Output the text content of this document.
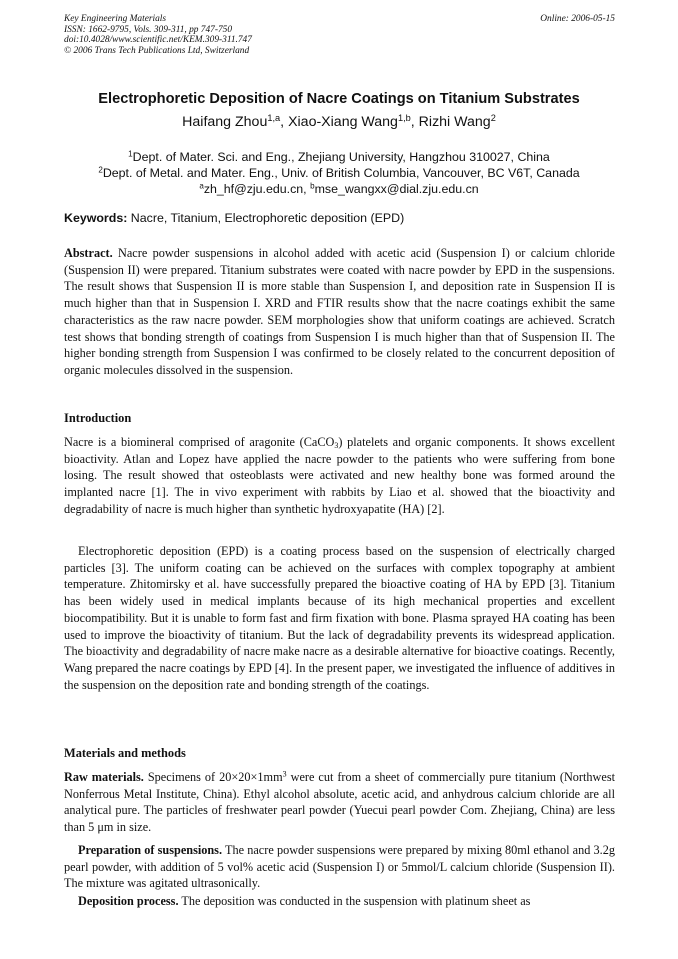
Key Engineering Materials
ISSN: 1662-9795, Vols. 309-311, pp 747-750
doi:10.4028/www.scientific.net/KEM.309-311.747
© 2006 Trans Tech Publications Ltd, Switzerland
Online: 2006-05-15
Electrophoretic Deposition of Nacre Coatings on Titanium Substrates
Haifang Zhou$^{1,a}$, Xiao-Xiang Wang$^{1,b}$, Rizhi Wang$^2$
$^1$Dept. of Mater. Sci. and Eng., Zhejiang University, Hangzhou 310027, China
$^2$Dept. of Metal. and Mater. Eng., Univ. of British Columbia, Vancouver, BC V6T, Canada
$^a$zh_hf@zju.edu.cn, $^b$mse_wangxx@dial.zju.edu.cn
Keywords: Nacre, Titanium, Electrophoretic deposition (EPD)
Abstract. Nacre powder suspensions in alcohol added with acetic acid (Suspension I) or calcium chloride (Suspension II) were prepared. Titanium substrates were coated with nacre powder by EPD in the suspensions. The result shows that Suspension II is more stable than Suspension I, and deposition rate in Suspension II is much higher than that in Suspension I. XRD and FTIR results show that the nacre coatings exhibit the same characteristics as the raw nacre powder. SEM morphologies show that uniform coatings are achieved. Scratch test shows that bonding strength of coatings from Suspension I is much higher than that of Suspension II. The higher bonding strength from Suspension I was confirmed to be closely related to the concurrent deposition of organic molecules dissolved in the suspension.
Introduction
Nacre is a biomineral comprised of aragonite (CaCO$_3$) platelets and organic components. It shows excellent bioactivity. Atlan and Lopez have applied the nacre powder to the patients who were suffering from bone losing. The result showed that osteoblasts were activated and new healthy bone was formed around the implanted nacre [1]. The in vivo experiment with rabbits by Liao et al. showed that the bioactivity and degradability of nacre is much higher than synthetic hydroxyapatite (HA) [2].
Electrophoretic deposition (EPD) is a coating process based on the suspension of electrically charged particles [3]. The uniform coating can be achieved on the surfaces with complex topography at ambient temperature. Zhitomirsky et al. have successfully prepared the bioactive coating of HA by EPD [3]. Titanium has been widely used in medical implants because of its high mechanical properties and excellent biocompatibility. But it is unable to form fast and firm fixation with bone. Plasma sprayed HA coating has been used to improve the bioactivity of titanium. But the lack of degradability prevents its widespread application. The bioactivity and degradability of nacre make nacre as a desirable alternative for bioactive coatings. Recently, Wang prepared the nacre coatings by EPD [4]. In the present paper, we investigated the influence of additives in the suspension on the deposition rate and bonding strength of the coatings.
Materials and methods
Raw materials. Specimens of $20\times 20\times 1mm^3$ were cut from a sheet of commercially pure titanium (Northwest Nonferrous Metal Institute, China). Ethyl alcohol absolute, acetic acid, and anhydrous calcium chloride are all analytical pure. The particles of freshwater pearl powder (Yuecui pearl powder Com. Zhejiang, China) are less than 5 μm in size.
Preparation of suspensions. The nacre powder suspensions were prepared by mixing 80ml ethanol and 3.2g pearl powder, with addition of 5 vol% acetic acid (Suspension I) or 5mmol/L calcium chloride (Suspension II). The mixture was agitated ultrasonically.
Deposition process. The deposition was conducted in the suspension with platinum sheet as
